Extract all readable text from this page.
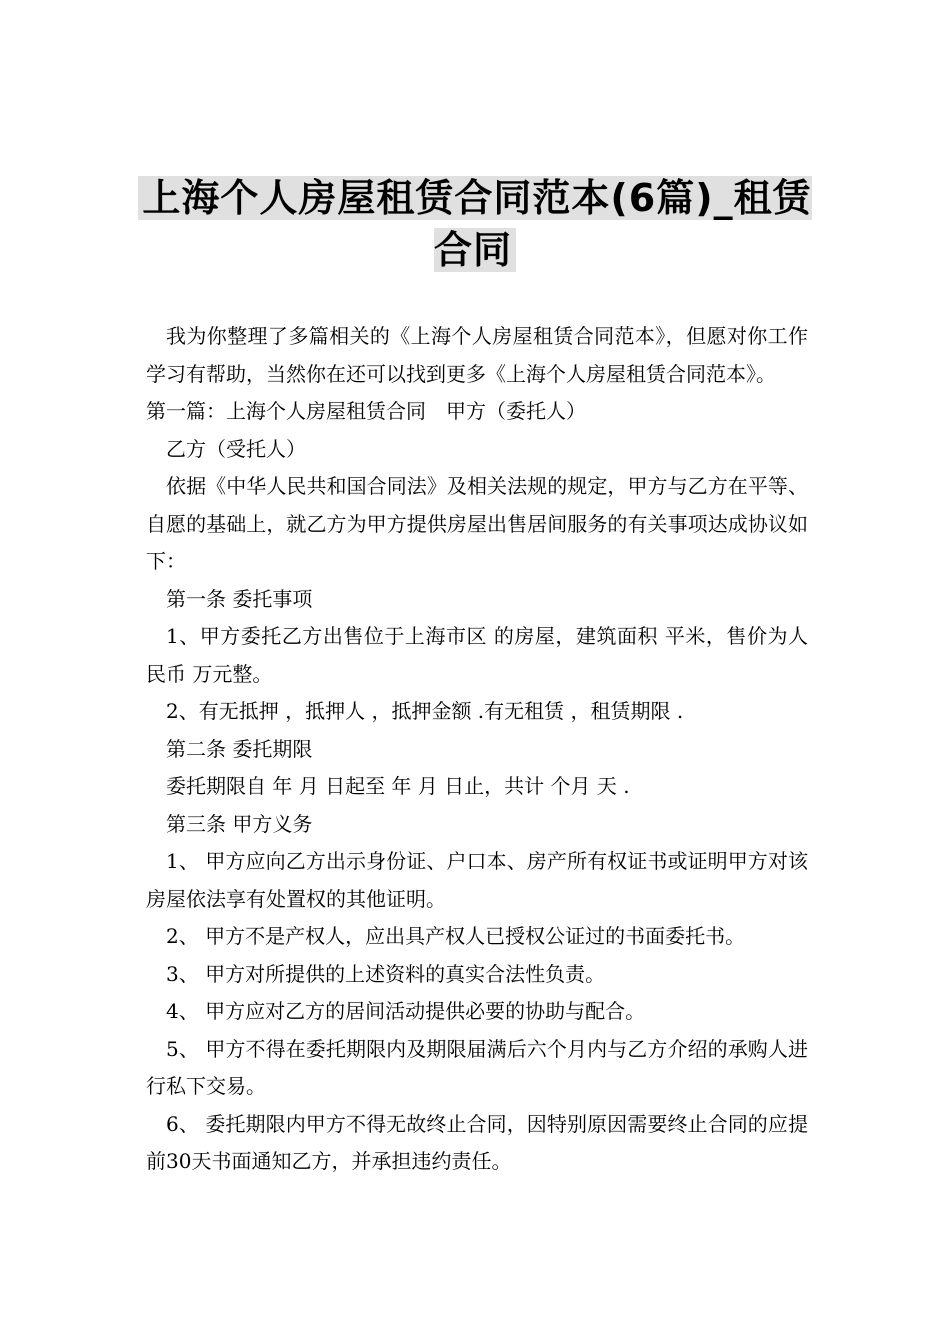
上海个人房屋租赁合同范本(6篇)_租赁合同

我为你整理了多篇相关的《上海个人房屋租赁合同范本》，但愿对你工作学习有帮助，当然你在还可以找到更多《上海个人房屋租赁合同范本》。

第一篇：上海个人房屋租赁合同　甲方（委托人）

乙方（受托人）

依据《中华人民共和国合同法》及相关法规的规定，甲方与乙方在平等、自愿的基础上，就乙方为甲方提供房屋出售居间服务的有关事项达成协议如下：

第一条 委托事项

1、甲方委托乙方出售位于上海市区 的房屋，建筑面积 平米，售价为人民币 万元整。

2、有无抵押 ，抵押人 ，抵押金额 .有无租赁 ，租赁期限 .

第二条 委托期限

委托期限自 年 月 日起至 年 月 日止，共计 个月 天 .

第三条 甲方义务

1、 甲方应向乙方出示身份证、户口本、房产所有权证书或证明甲方对该房屋依法享有处置权的其他证明。

2、 甲方不是产权人，应出具产权人已授权公证过的书面委托书。

3、 甲方对所提供的上述资料的真实合法性负责。

4、 甲方应对乙方的居间活动提供必要的协助与配合。

5、 甲方不得在委托期限内及期限届满后六个月内与乙方介绍的承购人进行私下交易。

6、 委托期限内甲方不得无故终止合同，因特别原因需要终止合同的应提前30天书面通知乙方，并承担违约责任。
